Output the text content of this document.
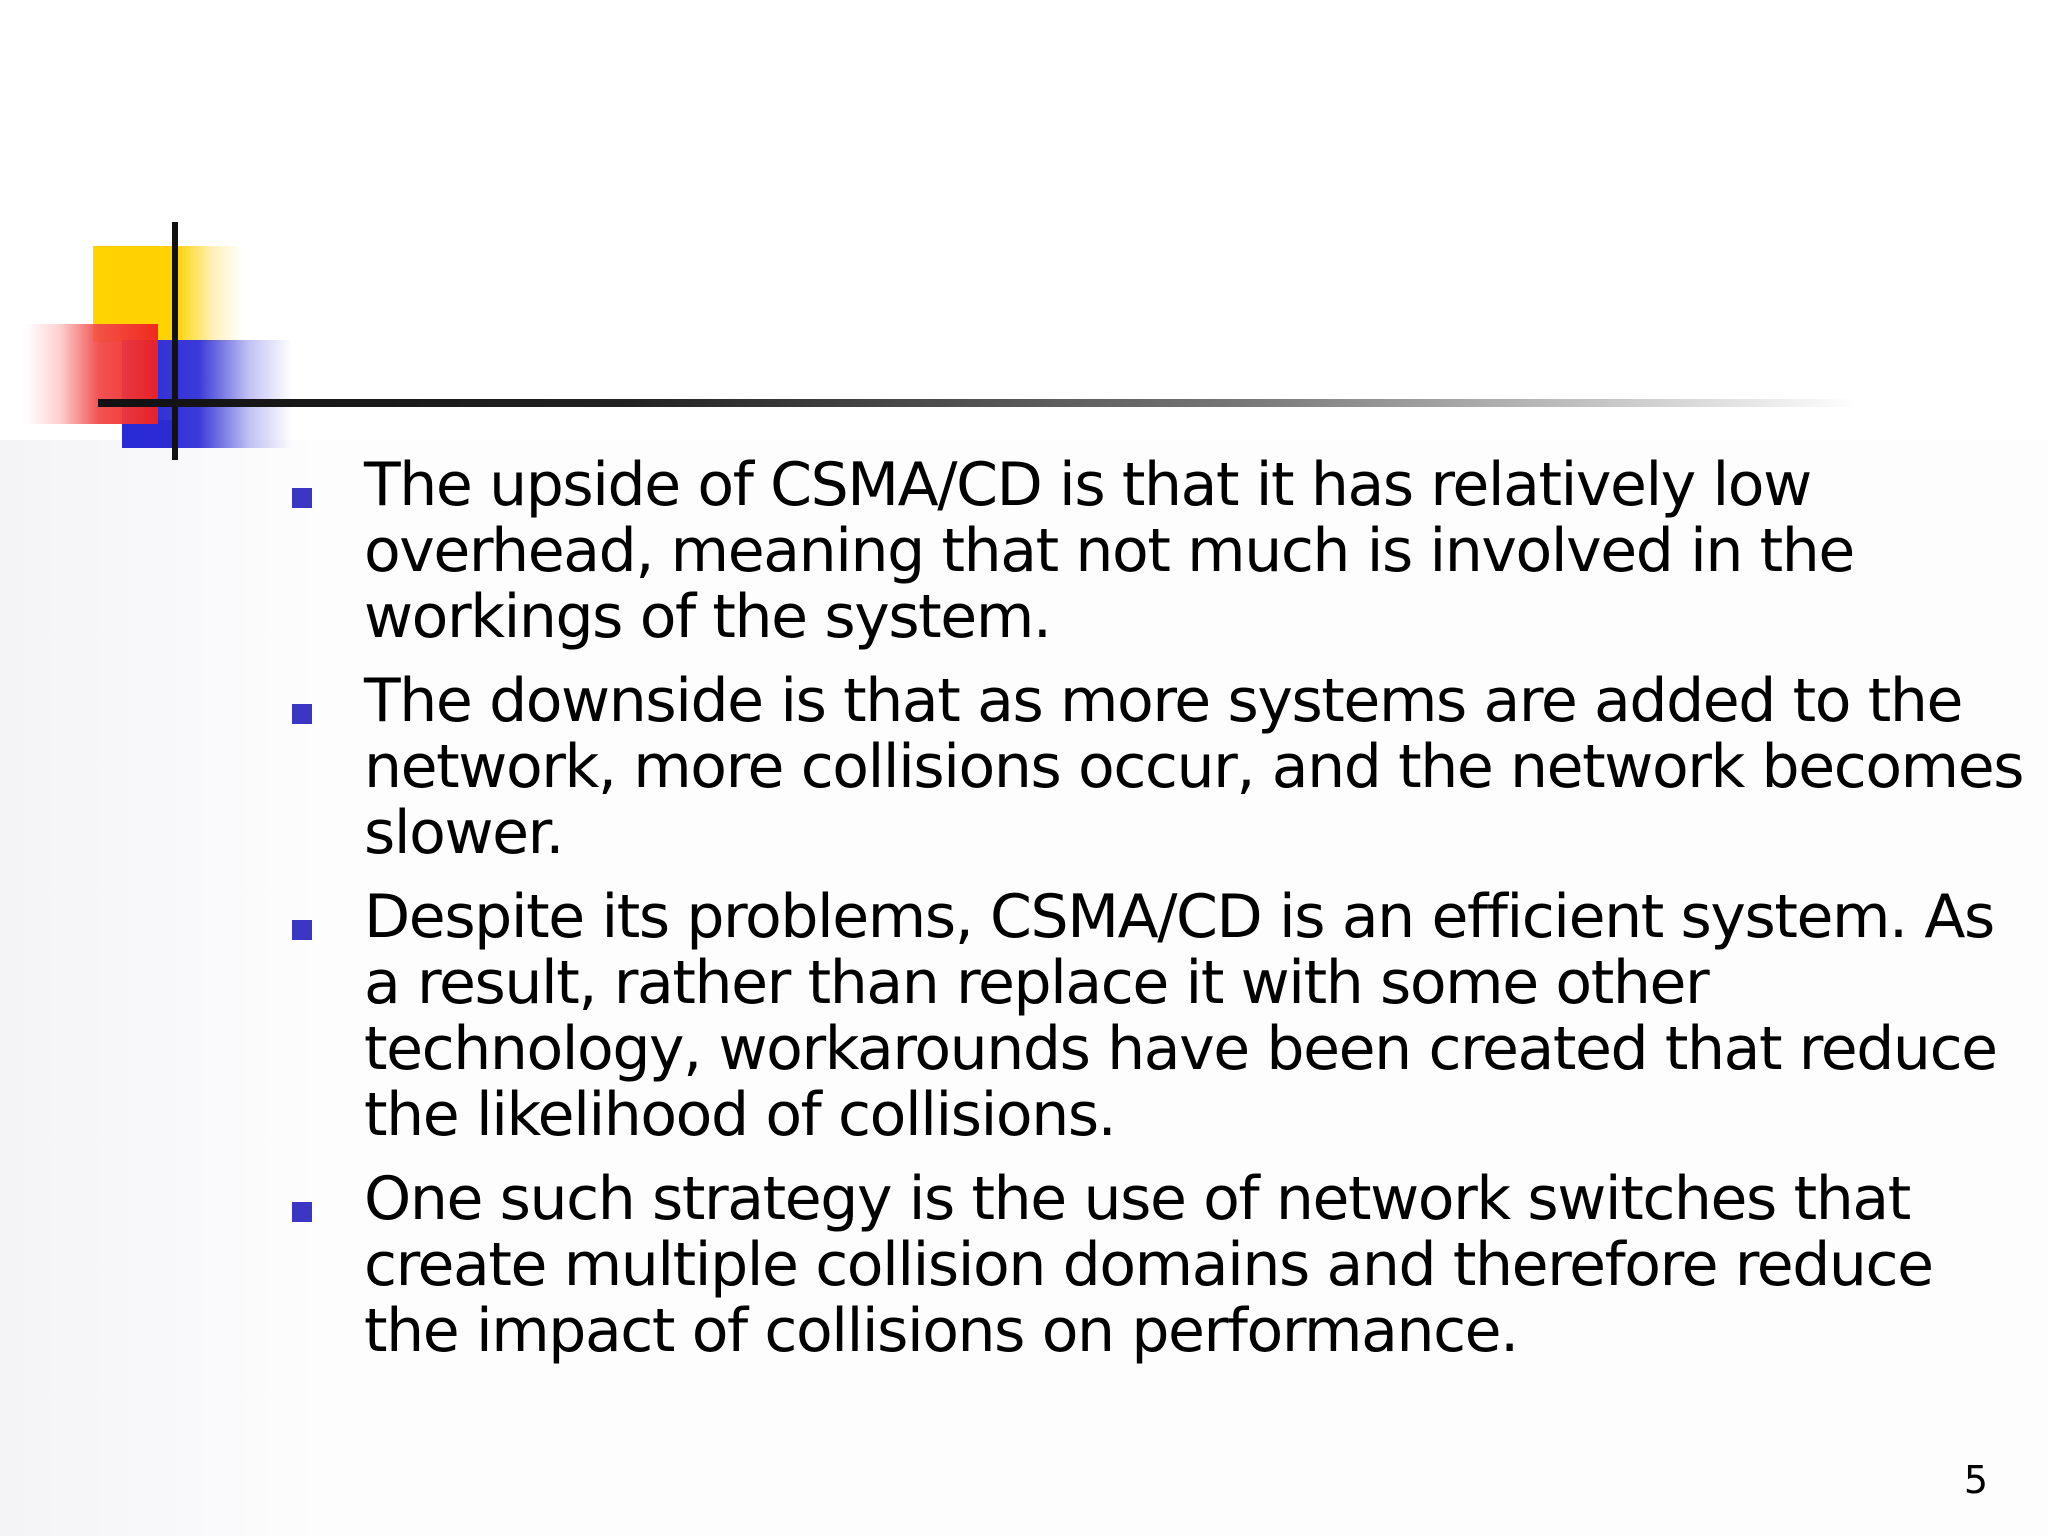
The upside of CSMA/CD is that it has relatively low overhead, meaning that not much is involved in the workings of the system.
The downside is that as more systems are added to the network, more collisions occur, and the network becomes slower.
Despite its problems, CSMA/CD is an efficient system. As a result, rather than replace it with some other technology, workarounds have been created that reduce the likelihood of collisions.
One such strategy is the use of network switches that create multiple collision domains and therefore reduce the impact of collisions on performance.
5
